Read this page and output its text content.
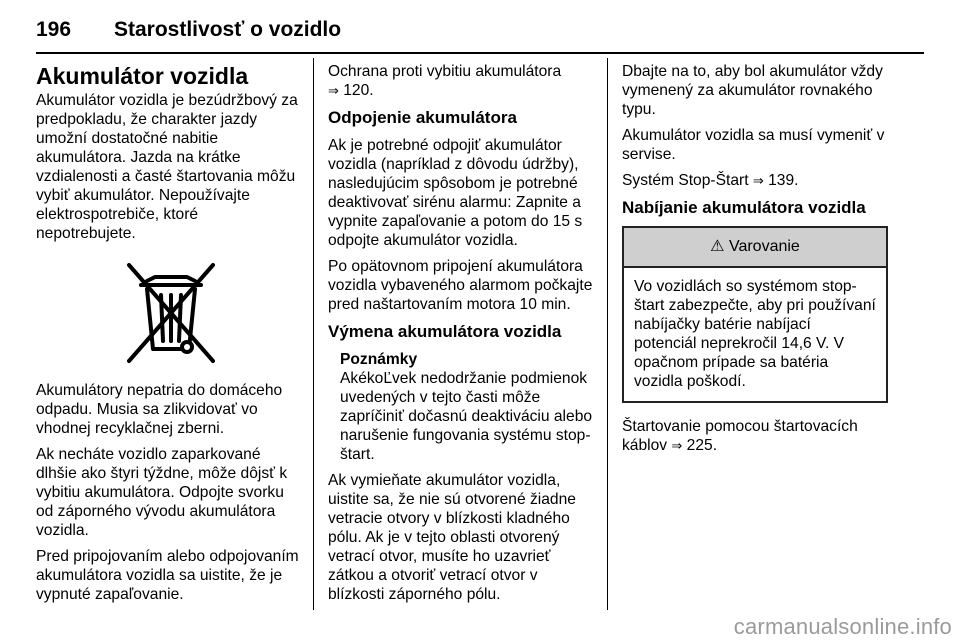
196 Starostlivosť o vozidlo
Akumulátor vozidla

Akumulátor vozidla je bezúdržbový za predpokladu, že charakter jazdy umožní dostatočné nabitie akumulátora. Jazda na krátke vzdialenosti a časté štartovania môžu vybiť akumulátor. Nepoužívajte elektrospotrebiče, ktoré nepotrebujete.

Akumulátory nepatria do domáceho odpadu. Musia sa zlikvidovať vo vhodnej recyklačnej zberni.

Ak necháte vozidlo zaparkované dlhšie ako štyri týždne, môže dôjsť k vybitiu akumulátora. Odpojte svorku od záporného vývodu akumulátora vozidla.

Pred pripojovaním alebo odpojovaním akumulátora vozidla sa uistite, že je vypnuté zapaľovanie.

Ochrana proti vybitiu akumulátora
⇒ 120.

Odpojenie akumulátora

Ak je potrebné odpojiť akumulátor vozidla (napríklad z dôvodu údržby), nasledujúcim spôsobom je potrebné deaktivovať sirénu alarmu: Zapnite a vypnite zapaľovanie a potom do 15 s odpojte akumulátor vozidla.

Po opätovnom pripojení akumulátora vozidla vybaveného alarmom počkajte pred naštartovaním motora 10 min.

Výmena akumulátora vozidla
Poznámky
AkékoĽvek nedodržanie podmienok uvedených v tejto časti môže zapríčiniť dočasnú deaktiváciu alebo narušenie fungovania systému stop-štart.

Ak vymieňate akumulátor vozidla, uistite sa, že nie sú otvorené žiadne vetracie otvory v blízkosti kladného pólu. Ak je v tejto oblasti otvorený vetrací otvor, musíte ho uzavrieť zátkou a otvoriť vetrací otvor v blízkosti záporného pólu.

Dbajte na to, aby bol akumulátor vždy vymenený za akumulátor rovnakého typu.

Akumulátor vozidla sa musí vymeniť v servise.

Systém Stop-Štart ⇒ 139.

Nabíjanie akumulátora vozidla
⚠ Varovanie
Vo vozidlách so systémom stop-štart zabezpečte, aby pri používaní nabíjačky batérie nabíjací potenciál neprekročil 14,6 V. V opačnom prípade sa batéria vozidla poškodí.

Štartovanie pomocou štartovacích káblov ⇒ 225.

carmanualsonline.info
